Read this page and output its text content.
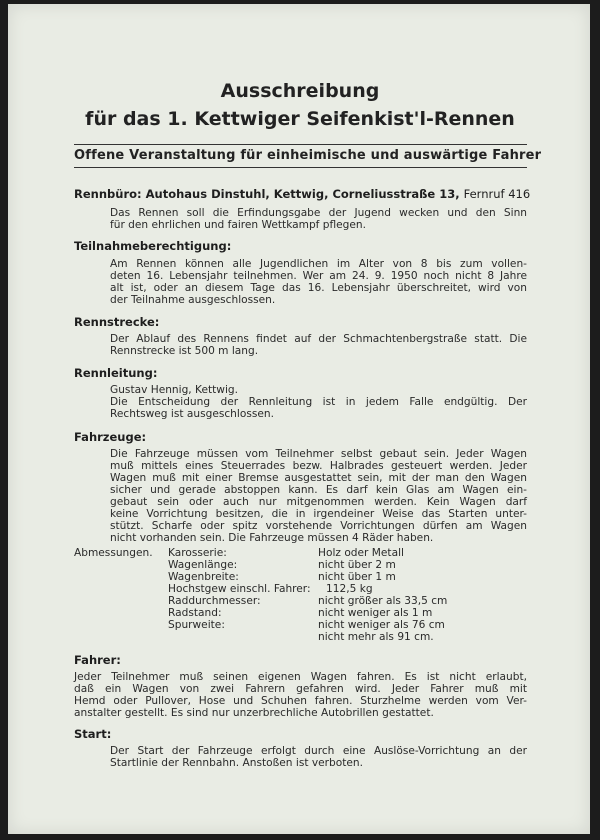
Ausschreibung
für das 1. Kettwiger Seifenkist'l-Rennen
Offene Veranstaltung für einheimische und auswärtige Fahrer
Rennbüro: Autohaus Dinstuhl, Kettwig, Corneliusstraße 13, Fernruf 416
Das Rennen soll die Erfindungsgabe der Jugend wecken und den Sinn
für den ehrlichen und fairen Wettkampf pflegen.
Teilnahmeberechtigung:
Am Rennen können alle Jugendlichen im Alter von 8 bis zum vollen-
deten 16. Lebensjahr teilnehmen. Wer am 24. 9. 1950 noch nicht 8 Jahre
alt ist, oder an diesem Tage das 16. Lebensjahr überschreitet, wird von
der Teilnahme ausgeschlossen.
Rennstrecke:
Der Ablauf des Rennens findet auf der Schmachtenbergstraße statt. Die
Rennstrecke ist 500 m lang.
Rennleitung:
Gustav Hennig, Kettwig.
Die Entscheidung der Rennleitung ist in jedem Falle endgültig. Der
Rechtsweg ist ausgeschlossen.
Fahrzeuge:
Die Fahrzeuge müssen vom Teilnehmer selbst gebaut sein. Jeder Wagen
muß mittels eines Steuerrades bezw. Halbrades gesteuert werden. Jeder
Wagen muß mit einer Bremse ausgestattet sein, mit der man den Wagen
sicher und gerade abstoppen kann. Es darf kein Glas am Wagen ein-
gebaut sein oder auch nur mitgenommen werden. Kein Wagen darf
keine Vorrichtung besitzen, die in irgendeiner Weise das Starten unter-
stützt. Scharfe oder spitz vorstehende Vorrichtungen dürfen am Wagen
nicht vorhanden sein. Die Fahrzeuge müssen 4 Räder haben.
Abmessungen. Karosserie:	Holz oder Metall
Wagenlänge:	nicht über 2 m
Wagenbreite:	nicht über 1 m
Hochstgew einschl. Fahrer: 112,5 kg
Raddurchmesser:	nicht größer als 33,5 cm
Radstand:	nicht weniger als 1 m
Spurweite:	nicht weniger als 76 cm
nicht mehr als 91 cm.
Fahrer:
Jeder Teilnehmer muß seinen eigenen Wagen fahren. Es ist nicht erlaubt,
daß ein Wagen von zwei Fahrern gefahren wird. Jeder Fahrer muß mit
Hemd oder Pullover, Hose und Schuhen fahren. Sturzhelme werden vom Ver-
anstalter gestellt. Es sind nur unzerbrechliche Autobrillen gestattet.
Start:
Der Start der Fahrzeuge erfolgt durch eine Auslöse-Vorrichtung an der
Startlinie der Rennbahn. Anstoßen ist verboten.
